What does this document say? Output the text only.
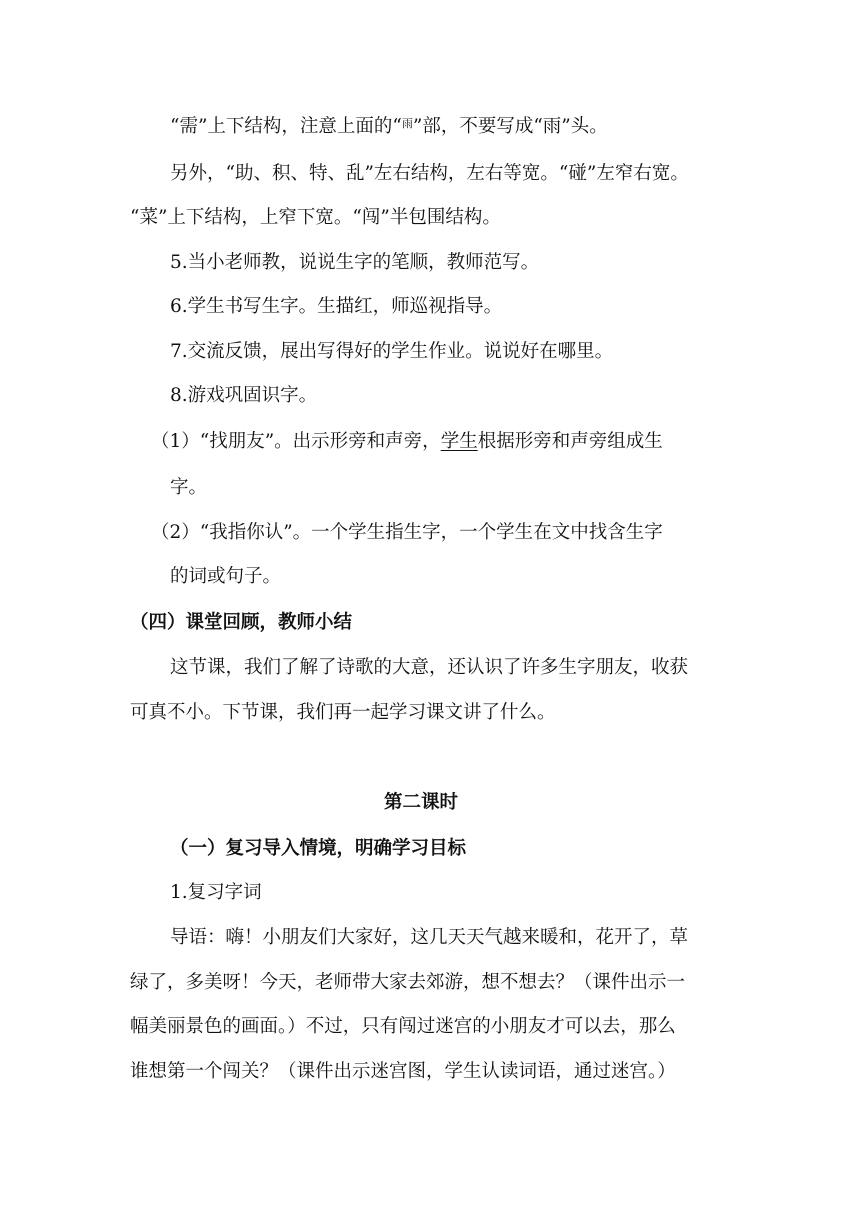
“需”上下结构，注意上面的“雨”部，不要写成“雨”头。
另外，“助、积、特、乱”左右结构，左右等宽。“碰”左窄右宽。
“菜”上下结构，上窄下宽。“闯”半包围结构。
5.当小老师教，说说生字的笔顺，教师范写。
6.学生书写生字。生描红，师巡视指导。
7.交流反馈，展出写得好的学生作业。说说好在哪里。
8.游戏巩固识字。
（1）“找朋友”。出示形旁和声旁，学生根据形旁和声旁组成生
字。
（2）“我指你认”。一个学生指生字，一个学生在文中找含生字
的词或句子。
（四）课堂回顾，教师小结
这节课，我们了解了诗歌的大意，还认识了许多生字朋友，收获
可真不小。下节课，我们再一起学习课文讲了什么。
第二课时
（一）复习导入情境，明确学习目标
1.复习字词
导语：嗨！小朋友们大家好，这几天天气越来暖和，花开了，草
绿了，多美呀！今天，老师带大家去郊游，想不想去？（课件出示一
幅美丽景色的画面。）不过，只有闯过迷宫的小朋友才可以去，那么
谁想第一个闯关？（课件出示迷宫图，学生认读词语，通过迷宫。）
